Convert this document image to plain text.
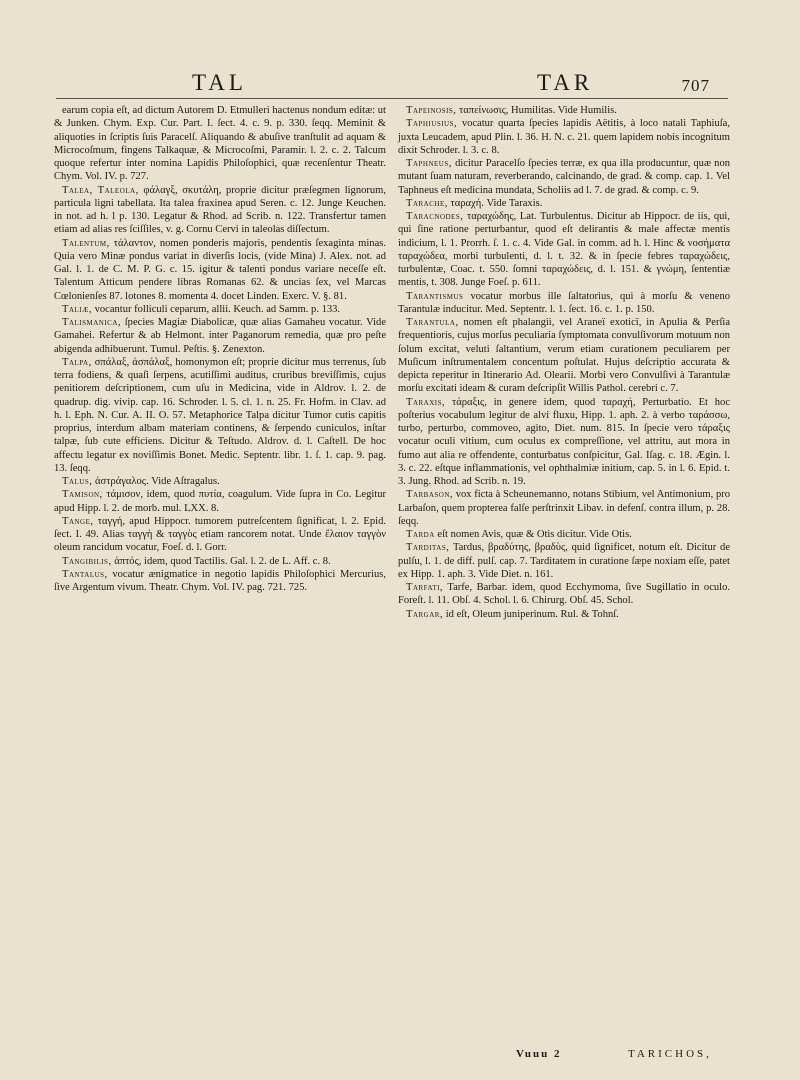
TAL	TAR	707

earum copia eſt, ad dictum Autorem D. Etmulleri hactenus nondum editæ: ut & Junken. Chym. Exp. Cur. Part. I. ſect. 4. c. 9. p. 330. ſeqq. Meminit & aliquoties in ſcriptis ſuis Paracelſ. Aliquando & abuſive tranſtulit ad aquam & Microcoſmum, fingens Talkaquæ, & Microcoſmi, Paramir. l. 2. c. 2. Talcum quoque refertur inter nomina Lapidis Philoſophici, quæ recenſentur Theatr. Chym. Vol. IV. p. 727.

Talea, Taleola, φάλαγξ, σκυτάλη, proprie dicitur præſegmen lignorum, particula ligni tabellata. Ita talea fraxinea apud Seren. c. 12. Junge Keuchen. in not. ad h. l p. 130. Legatur & Rhod. ad Scrib. n. 122. Transfertur tamen etiam ad alias res ſciſſiles, v. g. Cornu Cervi in taleolas diſſectum.

Talentum, τάλαντον, nomen ponderis majoris, pendentis ſexaginta minas. Quia vero Minæ pondus variat in diverſis locis, (vide Mina) J. Alex. not. ad Gal. l. 1. de C. M. P. G. c. 15. igitur & talenti pondus variare neceſſe eſt. Talentum Atticum pendere libras Romanas 62. & uncias ſex, vel Marcas Cœlonienſes 87. lotones 8. momenta 4. docet Linden. Exerc. V. §. 81.

Taliæ, vocantur folliculi ceparum, allii. Keuch. ad Samm. p. 133.

Talismanica, ſpecies Magiæ Diabolicæ, quæ alias Gamaheu vocatur. Vide Gamahei. Refertur & ab Helmont. inter Paganorum remedia, quæ pro peſte abigenda adhibuerunt. Tumul. Peſtis. §. Zenexton.

Talpa, σπάλαξ, ἀσπάλαξ, homonymon eſt; proprie dicitur mus terrenus, ſub terra fodiens, & quaſi ſerpens, acutiſſimi auditus, cruribus breviſſimis, cujus penitiorem deſcriptionem, cum uſu in Medicina, vide in Aldrov. l. 2. de quadrup. dig. vivip. cap. 16. Schroder. l. 5. cl. 1. n. 25. Fr. Hofm. in Clav. ad h. l. Eph. N. Cur. A. II. O. 57. Metaphorice Talpa dicitur Tumor cutis capitis proprius, interdum albam materiam continens, & ſerpendo cuniculos, inſtar talpæ, ſub cute efficiens. Dicitur & Teſtudo. Aldrov. d. l. Caſtell. De hoc affectu legatur ex noviſſimis Bonet. Medic. Septentr. libr. 1. ſ. 1. cap. 9. pag. 13. ſeqq.

Talus, ἀστράγαλος. Vide Aſtragalus.

Tamison, τάμισον, idem, quod πυτία, coagulum. Vide ſupra in Co. Legitur apud Hipp. l. 2. de morb. mul. LXX. 8.

Tange, ταγγή, apud Hippocr. tumorem putreſcentem ſignificat, l. 2. Epid. ſect. I. 49. Alias ταγγὴ & ταγγὸς etiam rancorem notat. Unde ἔλαιον ταγγὸν oleum rancidum vocatur, Foeſ. d. l. Gorr.

Tangibilis, ἁπτός, idem, quod Tactilis. Gal. l. 2. de L. Aff. c. 8.

Tantalus, vocatur ænigmatice in negotio lapidis Philoſophici Mercurius, ſive Argentum vivum. Theatr. Chym. Vol. IV. pag. 721. 725.

Tapeinosis, ταπείνωσις, Humilitas. Vide Humilis.

Taphiusius, vocatur quarta ſpecies lapidis Aëtitis, à loco natali Taphiuſa, juxta Leucadem, apud Plin. l. 36. H. N. c. 21. quem lapidem nobis incognitum dixit Schroder. l. 3. c. 8.

Taphneus, dicitur Paracelſo ſpecies terræ, ex qua illa producuntur, quæ non mutant ſuam naturam, reverberando, calcinando, de grad. & comp. cap. 1. Vel Taphneus eſt medicina mundata, Scholiis ad l. 7. de grad. & comp. c. 9.

Tarache, ταραχή. Vide Taraxis.

Taracnodes, ταραχώδης, Lat. Turbulentus. Dicitur ab Hippocr. de iis, qui, qui ſine ratione perturbantur, quod eſt delirantis & male affectæ mentis indicium, l. 1. Prorrh. ſ. 1. c. 4. Vide Gal. in comm. ad h. l. Hinc & νοσήματα ταραχώδεα, morbi turbulenti, d. l. t. 32. & in ſpecie febres ταραχώδεις, turbulentæ, Coac. t. 550. ſomni ταραχώδεις, d. l. 151. & γνώμη, ſententiæ mentis, t. 308. Junge Foeſ. p. 611.

Tarantismus vocatur morbus ille ſaltatorius, qui à morſu & veneno Tarantulæ inducitur. Med. Septentr. l. 1. ſect. 16. c. 1. p. 150.

Tarantula, nomen eſt phalangii, vel Araneï exoticï, in Apulia & Perſia frequentioris, cujus morſus peculiaria ſymptomata convulſivorum motuum non ſolum excitat, veluti ſaltantium, verum etiam curationem peculiarem per Muſicum inſtrumentalem concentum poſtulat. Hujus deſcriptio accurata & depicta reperitur in Itinerario Ad. Olearii. Morbi vero Convulſivi à Tarantulæ morſu excitati ideam & curam deſcripſit Willis Pathol. cerebri c. 7.

Taraxis, τάραξις, in genere idem, quod ταραχή, Perturbatio. Et hoc poſterius vocabulum legitur de alvi fluxu, Hipp. 1. aph. 2. à verbo ταράσσω, turbo, perturbo, commoveo, agito, Diet. num. 815. In ſpecie vero τάραξις vocatur oculi vitium, cum oculus ex compreſſione, vel attritu, aut mora in fumo aut alia re offendente, conturbatus conſpicitur, Gal. Iſag. c. 18. Ægin. l. 3. c. 22. eſtque inflammationis, vel ophthalmiæ initium, cap. 5. in l. 6. Epid. t. 3. Jung. Rhod. ad Scrib. n. 19.

Tarbason, vox ficta à Scheunemanno, notans Stibium, vel Antimonium, pro Larbaſon, quem proptereа falſe perſtrinxit Libav. in defenſ. contra illum, p. 28. ſeqq.

Tarda eſt nomen Avis, quæ & Otis dicitur. Vide Otis.

Tarditas, Tardus, βραδύτης, βραδὺς, quid ſignificet, notum eſt. Dicitur de pulſu, l. 1. de diff. pulſ. cap. 7. Tarditatem in curatione ſæpe noxiam eſſe, patet ex Hipp. 1. aph. 3. Vide Diet. n. 161.

Tarfati, Tarfe, Barbar. idem, quod Ecchymoma, ſive Sugillatio in oculo. Foreſt. l. 11. Obſ. 4. Schol. l. 6. Chirurg. Obſ. 45. Schol.

Targar, id eſt, Oleum juniperinum. Rul. & Tohnſ.

Vuuu 2	TARICHOS,
